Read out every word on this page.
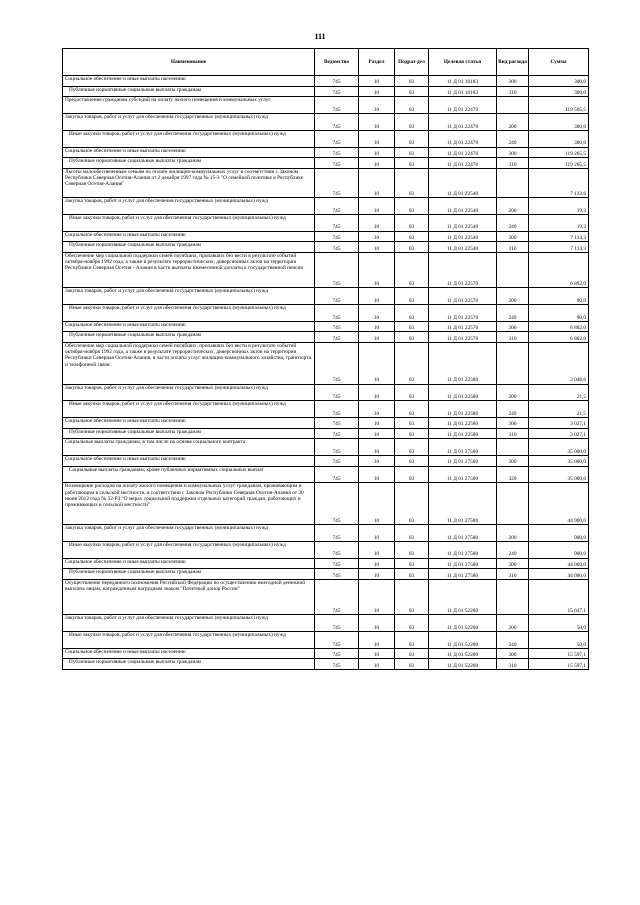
111
Наименование	Ведомство	Раздел	Подраз-дел	Целевая статья	Вид расхода	Сумма
Социальное обеспечение и иные выплаты населению	745	10	03	11 Д 01 10183	300	300,0
Публичные нормативные социальные выплаты гражданам	745	10	03	11 Д 01 10183	310	300,0
Предоставление гражданам субсидий на оплату жилого помещения и коммунальных услуг	745	10	03	11 Д 01 22470		119 565,5
Закупка товаров, работ и услуг для обеспечения государственных (муниципальных) нужд	745	10	03	11 Д 01 22470	200	300,0
Иные закупки товаров, работ и услуг для обеспечения государственных (муниципальных) нужд	745	10	03	11 Д 01 22470	240	300,0
Социальное обеспечение и иные выплаты населению	745	10	03	11 Д 01 22470	300	119 265,5
Публичные нормативные социальные выплаты гражданам	745	10	03	11 Д 01 22470	310	119 265,5
Льготы малообеспеченным семьям по оплате жилищно-коммунальных услуг в соответствии с Законом Республики Северная Осетия-Алания от 2 декабря 1997 года № 15-З "О семейной политике в Республике Северная Осетия-Алания"	745	10	03	11 Д 01 22540		7 133,6
Закупка товаров, работ и услуг для обеспечения государственных (муниципальных) нужд	745	10	03	11 Д 01 22540	200	19,3
Иные закупки товаров, работ и услуг для обеспечения государственных (муниципальных) нужд	745	10	03	11 Д 01 22540	240	19,3
Социальное обеспечение и иные выплаты населению	745	10	03	11 Д 01 22540	300	7 114,3
Публичные нормативные социальные выплаты гражданам	745	10	03	11 Д 01 22540	310	7 114,3
Обеспечение мер социальной поддержки семей погибших, пропавших без вести в результате событий октября-ноября 1992 года, а также в результате террористических, диверсионных актов на территории Республики Северная Осетия - Алания в части выплаты ежемесячной доплаты к государственной пенсии	745	10	03	11 Д 01 22570		6 892,0
Закупка товаров, работ и услуг для обеспечения государственных (муниципальных) нужд	745	10	03	11 Д 01 22570	200	90,0
Иные закупки товаров, работ и услуг для обеспечения государственных (муниципальных) нужд	745	10	03	11 Д 01 22570	240	90,0
Социальное обеспечение и иные выплаты населению	745	10	03	11 Д 01 22570	300	6 802,0
Публичные нормативные социальные выплаты гражданам	745	10	03	11 Д 01 22570	310	6 802,0
Обеспечение мер социальной поддержки семей погибших, пропавших без вести в результате событий октября-ноября 1992 года, а также в результате террористических, диверсионных актов на территории Республики Северная Осетия-Алания, в части оплаты услуг жилищно-коммунального хозяйства, транспорта и телефонной связи	745	10	03	11 Д 01 22580		3 048,6
Закупка товаров, работ и услуг для обеспечения государственных (муниципальных) нужд	745	10	03	11 Д 01 22580	200	21,5
Иные закупки товаров, работ и услуг для обеспечения государственных (муниципальных) нужд	745	10	03	11 Д 01 22580	240	21,5
Социальное обеспечение и иные выплаты населению	745	10	03	11 Д 01 22580	300	3 027,1
Публичные нормативные социальные выплаты гражданам	745	10	03	11 Д 01 22580	310	3 027,1
Социальные выплаты гражданам, в том числе на основе социального контракта	745	10	03	11 Д 01 27500		35 000,0
Социальное обеспечение и иные выплаты населению	745	10	03	11 Д 01 27500	300	35 000,0
Социальные выплаты гражданам, кроме публичных нормативных социальных выплат	745	10	03	11 Д 01 27500	320	35 000,0
Возмещение расходов на оплату жилого помещения и коммунальных услуг гражданам, проживающим и работающим в сельской местности, в соответствии с Законом Республики Северная Осетия-Алания от 30 июня 2012 года № 32-РЗ "О мерах социальной поддержки отдельных категорий граждан, работающих и проживающих в сельской местности"	745	10	03	11 Д 01 27580		44 900,0
Закупка товаров, работ и услуг для обеспечения государственных (муниципальных) нужд	745	10	03	11 Д 01 27580	200	900,0
Иные закупки товаров, работ и услуг для обеспечения государственных (муниципальных) нужд	745	10	03	11 Д 01 27580	240	900,0
Социальное обеспечение и иные выплаты населению	745	10	03	11 Д 01 27580	300	44 000,0
Публичные нормативные социальные выплаты гражданам	745	10	03	11 Д 01 27580	310	44 000,0
Осуществление переданного полномочия Российской Федерации по осуществлению ежегодной денежной выплаты лицам, награжденным нагрудным знаком "Почетный донор России"	745	10	03	11 Д 01 52200		15 647,1
Закупка товаров, работ и услуг для обеспечения государственных (муниципальных) нужд	745	10	03	11 Д 01 52200	200	50,0
Иные закупки товаров, работ и услуг для обеспечения государственных (муниципальных) нужд	745	10	03	11 Д 01 52200	240	50,0
Социальное обеспечение и иные выплаты населению	745	10	03	11 Д 01 52200	300	15 597,1
Публичные нормативные социальные выплаты гражданам	745	10	03	11 Д 01 52200	310	15 597,1
